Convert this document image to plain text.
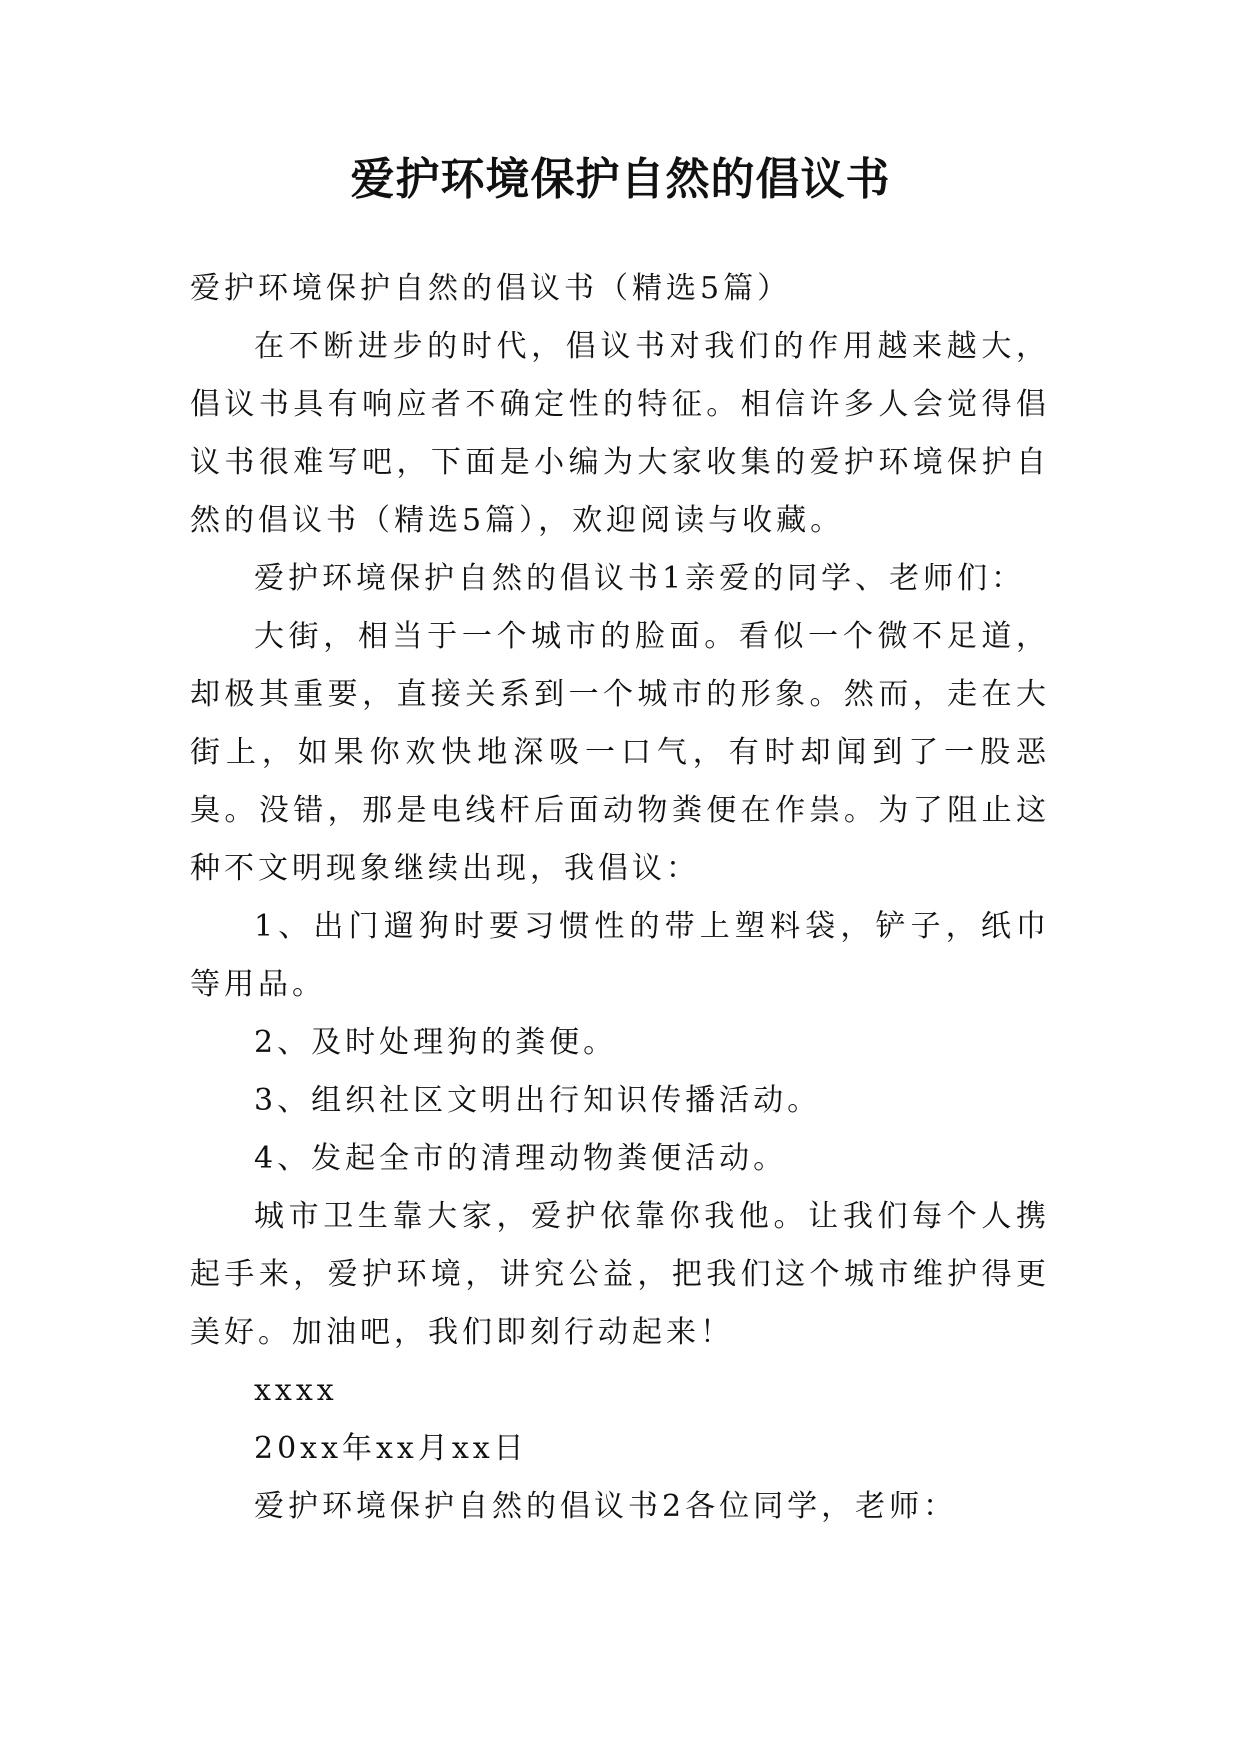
爱护环境保护自然的倡议书

爱护环境保护自然的倡议书（精选5篇）

在不断进步的时代，倡议书对我们的作用越来越大，倡议书具有响应者不确定性的特征。相信许多人会觉得倡议书很难写吧，下面是小编为大家收集的爱护环境保护自然的倡议书（精选5篇），欢迎阅读与收藏。

爱护环境保护自然的倡议书1亲爱的同学、老师们：

大街，相当于一个城市的脸面。看似一个微不足道，却极其重要，直接关系到一个城市的形象。然而，走在大街上，如果你欢快地深吸一口气，有时却闻到了一股恶臭。没错，那是电线杆后面动物粪便在作祟。为了阻止这种不文明现象继续出现，我倡议：

1、出门遛狗时要习惯性的带上塑料袋，铲子，纸巾等用品。

2、及时处理狗的粪便。

3、组织社区文明出行知识传播活动。

4、发起全市的清理动物粪便活动。

城市卫生靠大家，爱护依靠你我他。让我们每个人携起手来，爱护环境，讲究公益，把我们这个城市维护得更美好。加油吧，我们即刻行动起来！

xxxx

20xx年xx月xx日

爱护环境保护自然的倡议书2各位同学，老师：
